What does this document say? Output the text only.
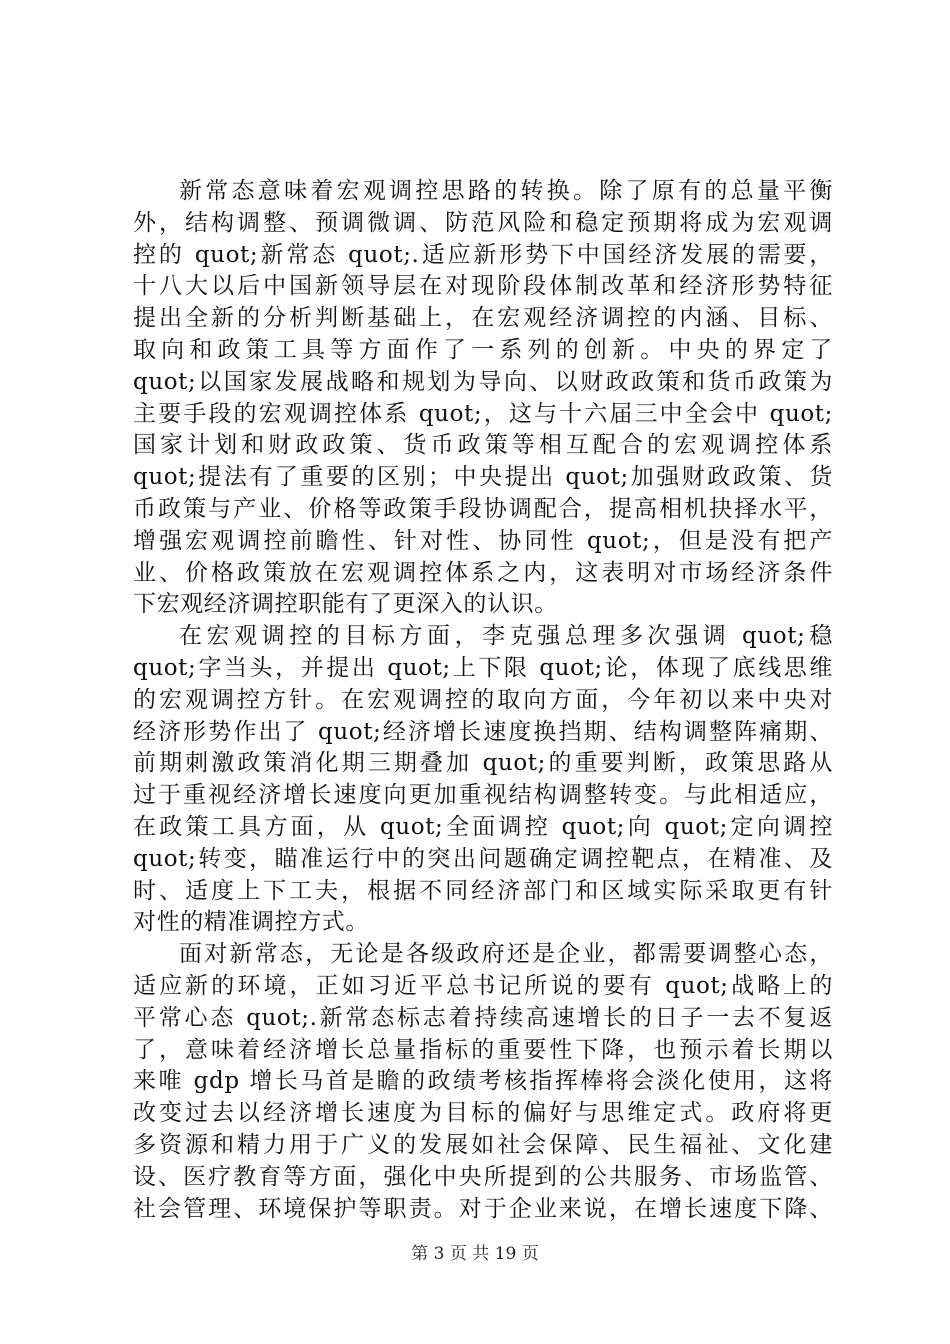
新常态意味着宏观调控思路的转换。除了原有的总量平衡
外，结构调整、预调微调、防范风险和稳定预期将成为宏观调
控的 quot;新常态 quot;.适应新形势下中国经济发展的需要，
十八大以后中国新领导层在对现阶段体制改革和经济形势特征
提出全新的分析判断基础上，在宏观经济调控的内涵、目标、
取向和政策工具等方面作了一系列的创新。中央的界定了
quot;以国家发展战略和规划为导向、以财政政策和货币政策为
主要手段的宏观调控体系 quot;，这与十六届三中全会中 quot;
国家计划和财政政策、货币政策等相互配合的宏观调控体系
quot;提法有了重要的区别；中央提出 quot;加强财政政策、货
币政策与产业、价格等政策手段协调配合，提高相机抉择水平，
增强宏观调控前瞻性、针对性、协同性 quot;，但是没有把产
业、价格政策放在宏观调控体系之内，这表明对市场经济条件
下宏观经济调控职能有了更深入的认识。
在宏观调控的目标方面，李克强总理多次强调 quot;稳
quot;字当头，并提出 quot;上下限 quot;论，体现了底线思维
的宏观调控方针。在宏观调控的取向方面，今年初以来中央对
经济形势作出了 quot;经济增长速度换挡期、结构调整阵痛期、
前期刺激政策消化期三期叠加 quot;的重要判断，政策思路从
过于重视经济增长速度向更加重视结构调整转变。与此相适应，
在政策工具方面，从 quot;全面调控 quot;向 quot;定向调控
quot;转变，瞄准运行中的突出问题确定调控靶点，在精准、及
时、适度上下工夫，根据不同经济部门和区域实际采取更有针
对性的精准调控方式。
面对新常态，无论是各级政府还是企业，都需要调整心态，
适应新的环境，正如习近平总书记所说的要有 quot;战略上的
平常心态 quot;.新常态标志着持续高速增长的日子一去不复返
了，意味着经济增长总量指标的重要性下降，也预示着长期以
来唯 gdp 增长马首是瞻的政绩考核指挥棒将会淡化使用，这将
改变过去以经济增长速度为目标的偏好与思维定式。政府将更
多资源和精力用于广义的发展如社会保障、民生福祉、文化建
设、医疗教育等方面，强化中央所提到的公共服务、市场监管、
社会管理、环境保护等职责。对于企业来说，在增长速度下降、
第 3 页 共 19 页
